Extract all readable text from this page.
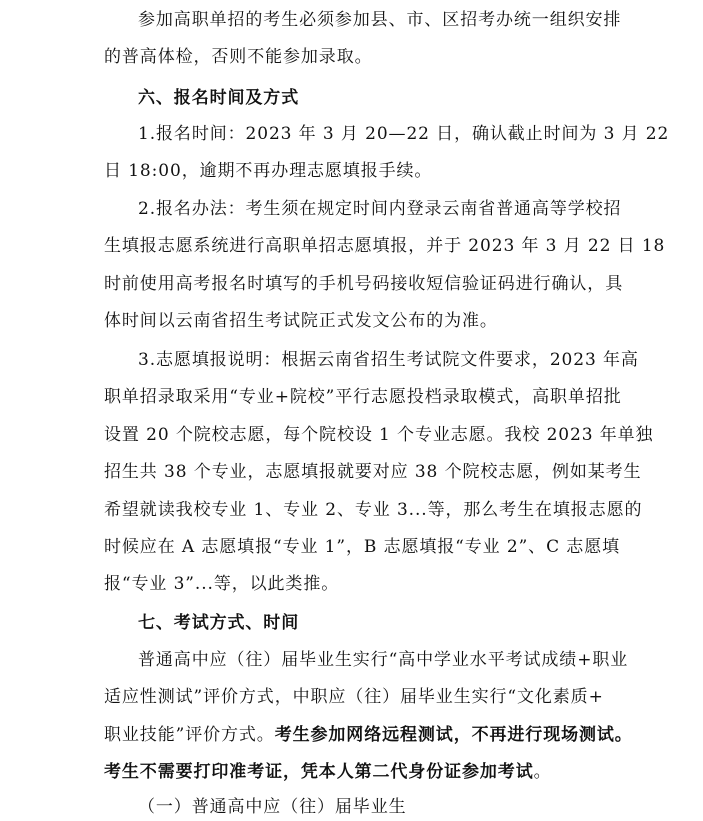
参加高职单招的考生必须参加县、市、区招考办统一组织安排
的普高体检，否则不能参加录取。
六、报名时间及方式
1.报名时间：2023 年 3 月 20—22 日，确认截止时间为 3 月 22
日 18:00，逾期不再办理志愿填报手续。
2.报名办法：考生须在规定时间内登录云南省普通高等学校招
生填报志愿系统进行高职单招志愿填报，并于 2023 年 3 月 22 日 18
时前使用高考报名时填写的手机号码接收短信验证码进行确认，具
体时间以云南省招生考试院正式发文公布的为准。
3.志愿填报说明：根据云南省招生考试院文件要求，2023 年高
职单招录取采用“专业+院校”平行志愿投档录取模式，高职单招批
设置 20 个院校志愿，每个院校设 1 个专业志愿。我校 2023 年单独
招生共 38 个专业，志愿填报就要对应 38 个院校志愿，例如某考生
希望就读我校专业 1、专业 2、专业 3...等，那么考生在填报志愿的
时候应在 A 志愿填报“专业 1”，B 志愿填报“专业 2”、C 志愿填
报“专业 3”...等，以此类推。
七、考试方式、时间
普通高中应（往）届毕业生实行“高中学业水平考试成绩+职业
适应性测试”评价方式，中职应（往）届毕业生实行“文化素质+
职业技能”评价方式。考生参加网络远程测试，不再进行现场测试。
考生不需要打印准考证，凭本人第二代身份证参加考试。
（一）普通高中应（往）届毕业生
